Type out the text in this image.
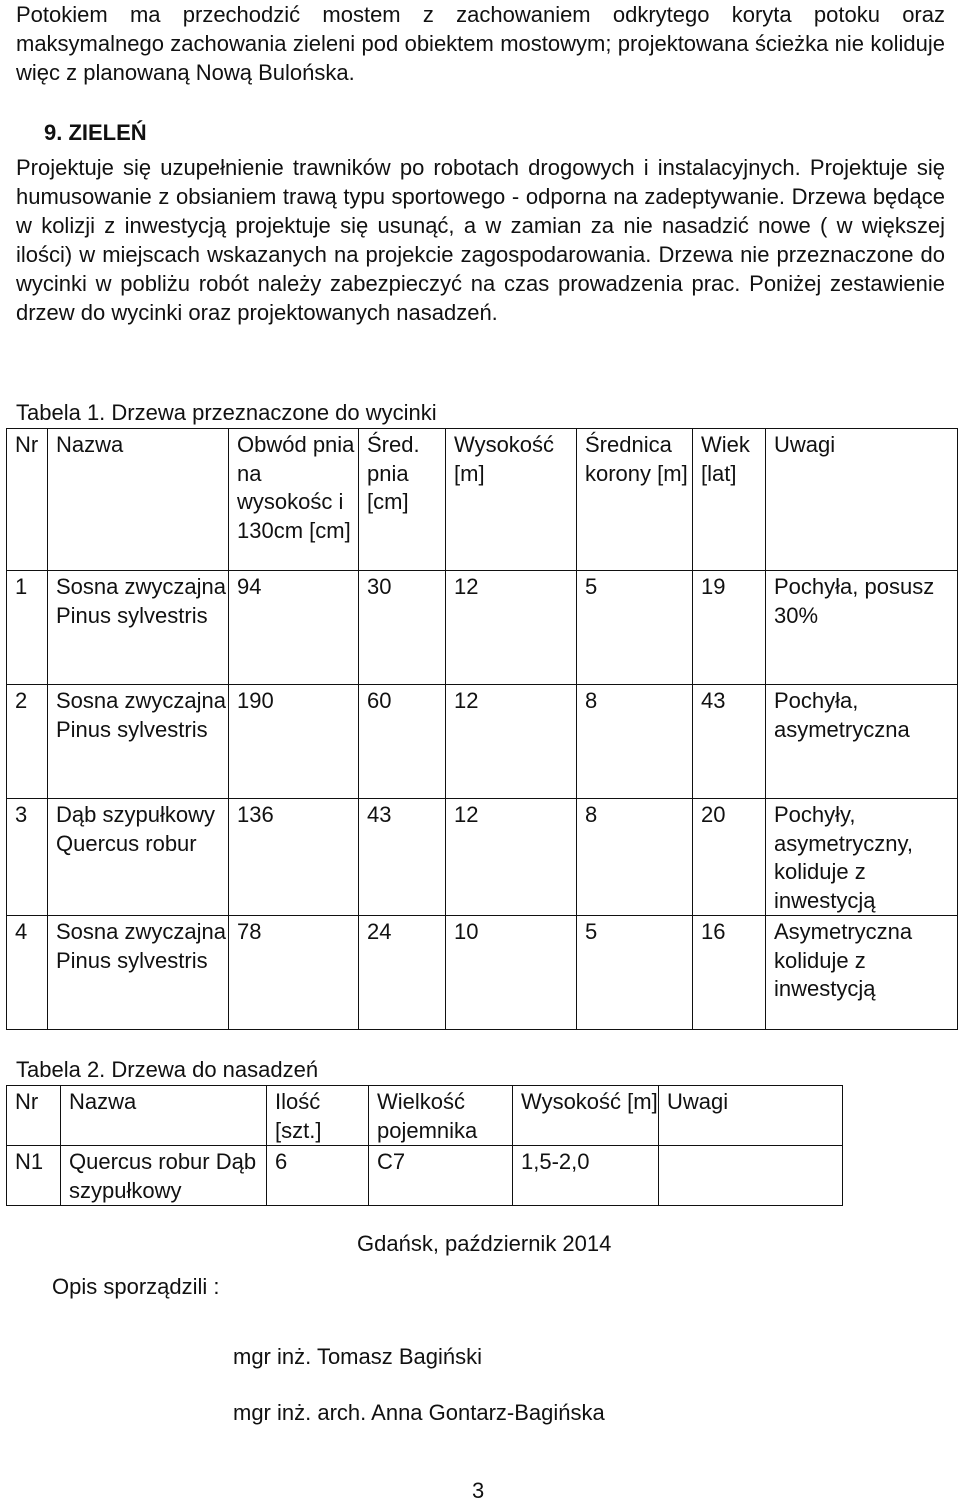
Potokiem ma przechodzić mostem z zachowaniem odkrytego koryta potoku oraz maksymalnego zachowania zieleni pod obiektem mostowym; projektowana ścieżka nie koliduje więc z planowaną Nową Bulońska.

9. ZIELEŃ

Projektuje się uzupełnienie trawników po robotach drogowych i instalacyjnych. Projektuje się humusowanie z obsianiem trawą typu sportowego - odporna na zadeptywanie. Drzewa będące w kolizji z inwestycją projektuje się usunąć, a w zamian za nie nasadzić nowe ( w większej ilości) w miejscach wskazanych na projekcie zagospodarowania. Drzewa nie przeznaczone do wycinki w pobliżu robót należy zabezpieczyć na czas prowadzenia prac. Poniżej zestawienie drzew do wycinki oraz projektowanych nasadzeń.

Tabela 1. Drzewa przeznaczone do wycinki

Nr	Nazwa	Obwód pnia na wysokośc i 130cm [cm]	Śred. pnia [cm]	Wysokość [m]	Średnica korony [m]	Wiek [lat]	Uwagi
1	Sosna zwyczajna Pinus sylvestris	94	30	12	5	19	Pochyła, posusz 30%
2	Sosna zwyczajna Pinus sylvestris	190	60	12	8	43	Pochyła, asymetryczna
3	Dąb szypułkowy Quercus robur	136	43	12	8	20	Pochyły, asymetryczny, koliduje z inwestycją
4	Sosna zwyczajna Pinus sylvestris	78	24	10	5	16	Asymetryczna koliduje z inwestycją

Tabela 2. Drzewa do nasadzeń

Nr	Nazwa	Ilość [szt.]	Wielkość pojemnika	Wysokość [m]	Uwagi
N1	Quercus robur Dąb szypułkowy	6	C7	1,5-2,0	

Gdańsk, październik 2014

Opis sporządzili :

mgr inż. Tomasz Bagiński

mgr inż. arch. Anna Gontarz-Bagińska

3
